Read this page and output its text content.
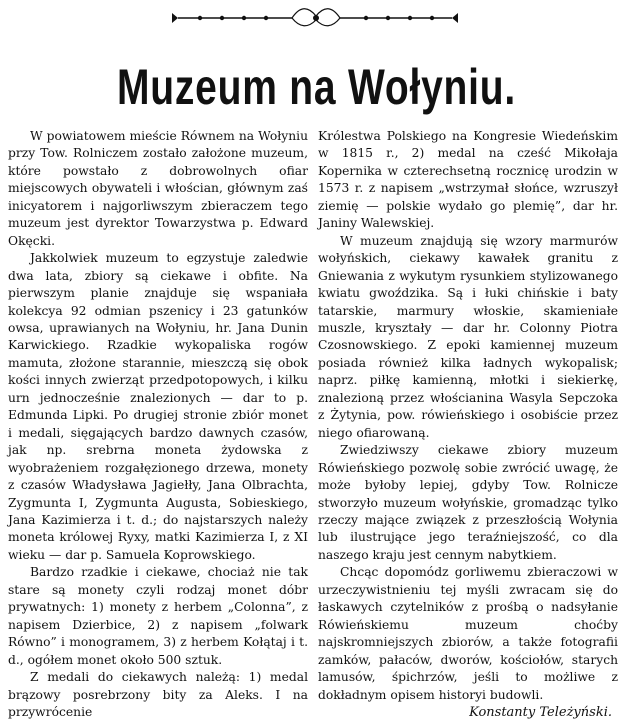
Muzeum na Wołyniu.

W powiatowem mieście Równem na Wołyniu przy Tow. Rolniczem zostało założone muzeum, które powstało z dobrowolnych ofiar miejscowych obywateli i włościan, głównym zaś inicyatorem i najgorliwszym zbieraczem tego muzeum jest dyrektor Towarzystwa p. Edward Okęcki.

Jakkolwiek muzeum to egzystuje zaledwie dwa lata, zbiory są ciekawe i obfite. Na pierwszym planie znajduje się wspaniała kolekcya 92 odmian pszenicy i 23 gatunków owsa, uprawianych na Wołyniu, hr. Jana Dunin Karwickiego. Rzadkie wykopaliska rogów mamuta, złożone starannie, mieszczą się obok kości innych zwierząt przedpotopowych, i kilku urn jednocześnie znalezionych — dar to p. Edmunda Lipki. Po drugiej stronie zbiór monet i medali, sięgających bardzo dawnych czasów, jak np. srebrna moneta żydowska z wyobrażeniem rozgałęzionego drzewa, monety z czasów Władysława Jagiełły, Jana Olbrachta, Zygmunta I, Zygmunta Augusta, Sobieskiego, Jana Kazimierza i t. d.; do najstarszych należy moneta królowej Ryxy, matki Kazimierza I, z XI wieku — dar p. Samuela Koprowskiego.

Bardzo rzadkie i ciekawe, chociaż nie tak stare są monety czyli rodzaj monet dóbr prywatnych: 1) monety z herbem „Colonna”, z napisem Dzierbice, 2) z napisem „folwark Równo” i monogramem, 3) z herbem Kołątaj i t. d., ogółem monet około 500 sztuk.

Z medali do ciekawych należą: 1) medal brązowy posrebrzony bity za Aleks. I na przywrócenie

Królestwa Polskiego na Kongresie Wiedeńskim w 1815 r., 2) medal na cześć Mikołaja Kopernika w czterechsetną rocznicę urodzin w 1573 r. z napisem „wstrzymał słońce, wzruszył ziemię — polskie wydało go plemię”, dar hr. Janiny Walewskiej.

W muzeum znajdują się wzory marmurów wołyńskich, ciekawy kawałek granitu z Gniewania z wykutym rysunkiem stylizowanego kwiatu gwoździka. Są i łuki chińskie i baty tatarskie, marmury włoskie, skamieniałe muszle, kryształy — dar hr. Colonny Piotra Czosnowskiego. Z epoki kamiennej muzeum posiada również kilka ładnych wykopalisk; naprz. piłkę kamienną, młotki i siekierkę, znalezioną przez włościanina Wasyla Sepczoka z Żytynia, pow. rówieńskiego i osobiście przez niego ofiarowaną.

Zwiedziwszy ciekawe zbiory muzeum Rówieńskiego pozwolę sobie zwrócić uwagę, że może byłoby lepiej, gdyby Tow. Rolnicze stworzyło muzeum wołyńskie, gromadząc tylko rzeczy mające związek z przeszłością Wołynia lub ilustrujące jego teraźniejszość, co dla naszego kraju jest cennym nabytkiem.

Chcąc dopomódz gorliwemu zbieraczowi w urzeczywistnieniu tej myśli zwracam się do łaskawych czytelników z prośbą o nadsyłanie Rówieńskiemu muzeum choćby najskromniejszych zbiorów, a także fotografii zamków, pałaców, dworów, kościołów, starych lamusów, śpichrzów, jeśli to możliwe z dokładnym opisem historyi budowli.

Konstanty Teleżyński.
